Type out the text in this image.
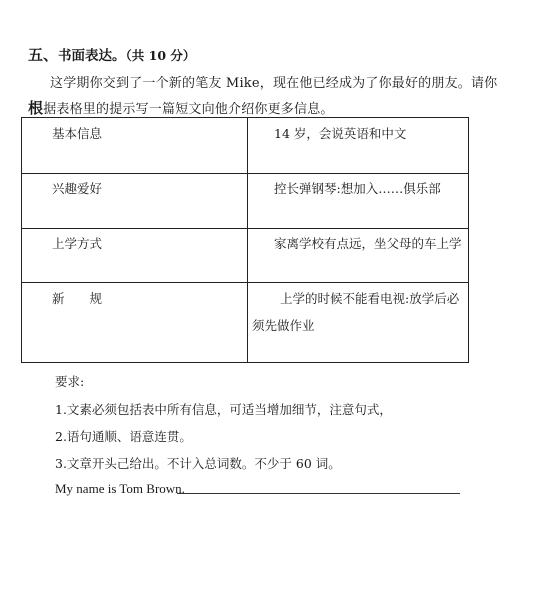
五、书面表达。（共 10 分）
这学期你交到了一个新的笔友 Mike，现在他已经成为了你最好的朋友。请你
根据表格里的提示写一篇短文向他介绍你更多信息。
基本信息	14 岁，会说英语和中文
兴趣爱好	控长弹钢琴:想加入……俱乐部
上学方式	家离学校有点远，坐父母的车上学
新　　规	上学的时候不能看电视:放学后必
须先做作业
要求:
1.文素必须包括表中所有信息，可适当增加细节，注意句式，
2.语句通顺、语意连贯。
3.文章开头己给出。不计入总词数。不少于 60 词。
My name is Tom Brown.
